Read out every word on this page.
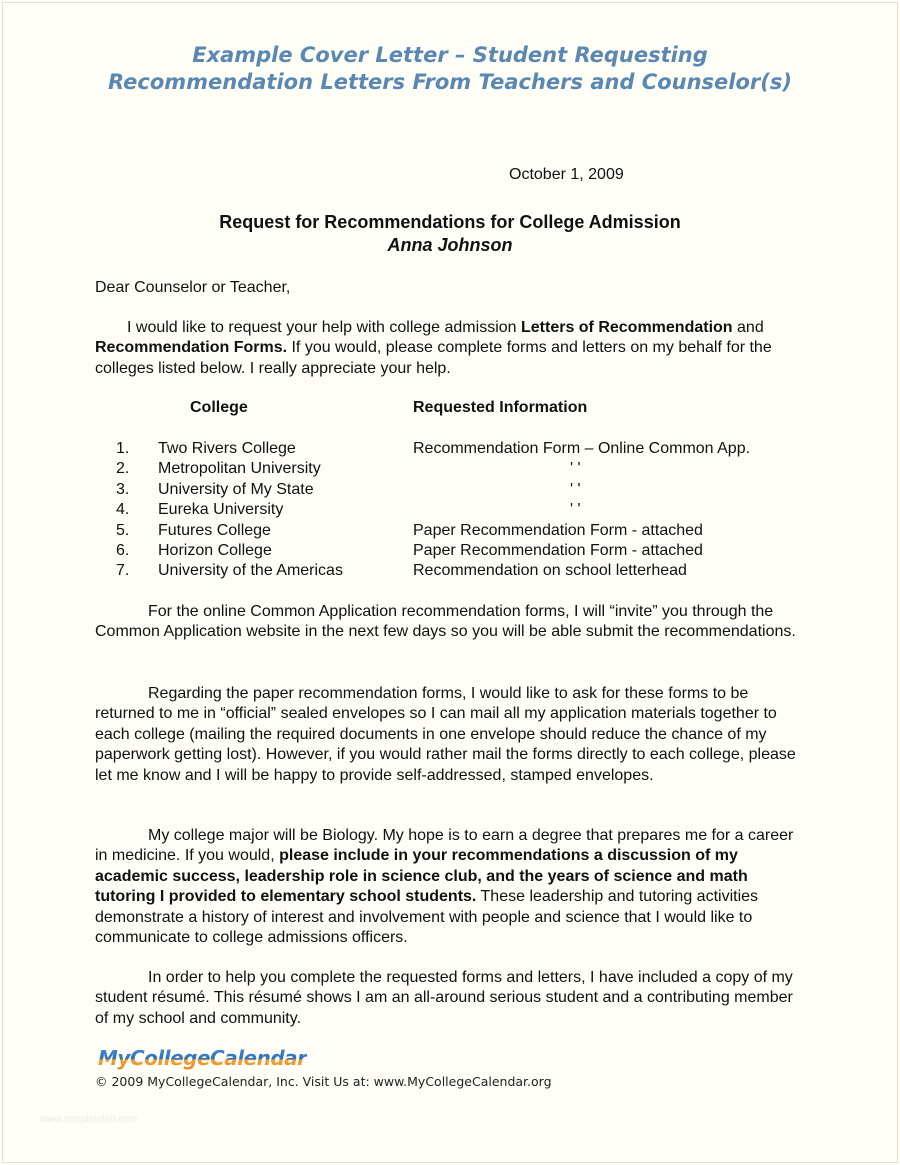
Example Cover Letter – Student Requesting
Recommendation Letters From Teachers and Counselor(s)
October 1, 2009
Request for Recommendations for College Admission
Anna Johnson
Dear Counselor or Teacher,
I would like to request your help with college admission Letters of Recommendation and Recommendation Forms. If you would, please complete forms and letters on my behalf for the colleges listed below. I really appreciate your help.
College	Requested Information
1. Two Rivers College	Recommendation Form – Online Common App.
2. Metropolitan University	' '
3. University of My State	' '
4. Eureka University	' '
5. Futures College	Paper Recommendation Form - attached
6. Horizon College	Paper Recommendation Form - attached
7. University of the Americas	Recommendation on school letterhead
For the online Common Application recommendation forms, I will “invite” you through the Common Application website in the next few days so you will be able submit the recommendations.
Regarding the paper recommendation forms, I would like to ask for these forms to be returned to me in “official” sealed envelopes so I can mail all my application materials together to each college (mailing the required documents in one envelope should reduce the chance of my paperwork getting lost). However, if you would rather mail the forms directly to each college, please let me know and I will be happy to provide self-addressed, stamped envelopes.
My college major will be Biology. My hope is to earn a degree that prepares me for a career in medicine. If you would, please include in your recommendations a discussion of my academic success, leadership role in science club, and the years of science and math tutoring I provided to elementary school students. These leadership and tutoring activities demonstrate a history of interest and involvement with people and science that I would like to communicate to college admissions officers.
In order to help you complete the requested forms and letters, I have included a copy of my student résumé. This résumé shows I am an all-around serious student and a contributing member of my school and community.
MyCollegeCalendar
© 2009 MyCollegeCalendar, Inc. Visit Us at: www.MyCollegeCalendar.org
www.templatelab.com
